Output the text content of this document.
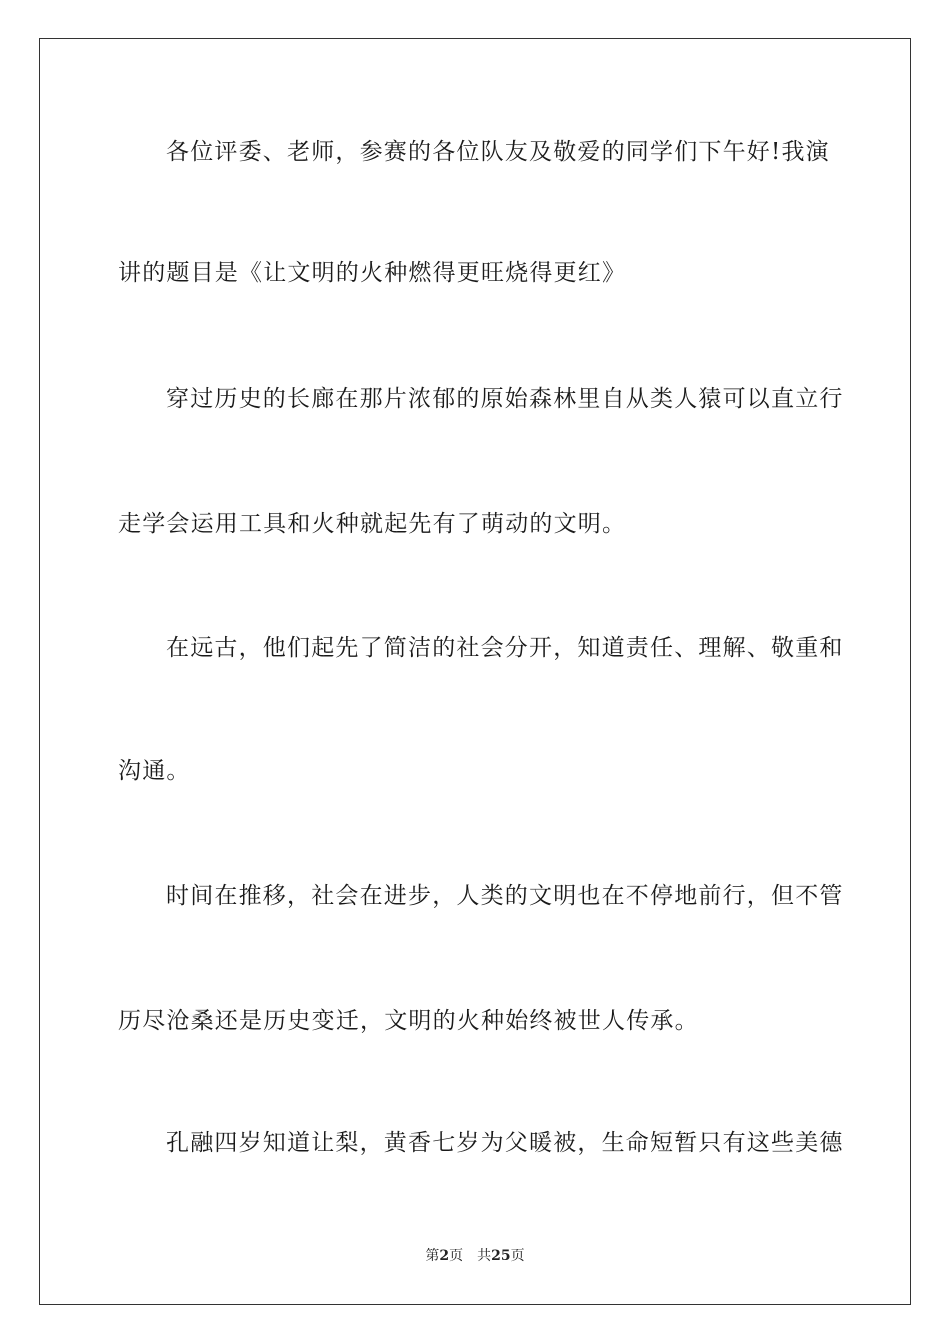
各位评委、老师，参赛的各位队友及敬爱的同学们下午好!我演
讲的题目是《让文明的火种燃得更旺烧得更红》
穿过历史的长廊在那片浓郁的原始森林里自从类人猿可以直立行
走学会运用工具和火种就起先有了萌动的文明。
在远古，他们起先了简洁的社会分开，知道责任、理解、敬重和
沟通。
时间在推移，社会在进步，人类的文明也在不停地前行，但不管
历尽沧桑还是历史变迁，文明的火种始终被世人传承。
孔融四岁知道让梨，黄香七岁为父暖被，生命短暂只有这些美德
第2页 共25页
